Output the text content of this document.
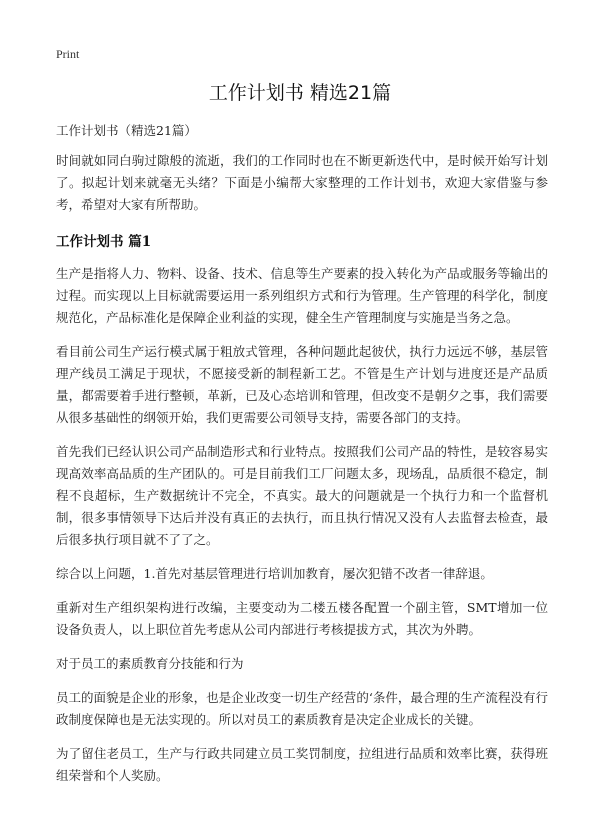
Print
工作计划书 精选21篇

工作计划书（精选21篇）

时间就如同白驹过隙般的流逝，我们的工作同时也在不断更新迭代中，是时候开始写计划了。拟起计划来就毫无头绪？下面是小编帮大家整理的工作计划书，欢迎大家借鉴与参考，希望对大家有所帮助。

工作计划书 篇1

生产是指将人力、物料、设备、技术、信息等生产要素的投入转化为产品或服务等输出的过程。而实现以上目标就需要运用一系列组织方式和行为管理。生产管理的科学化，制度规范化，产品标准化是保障企业利益的实现，健全生产管理制度与实施是当务之急。

看目前公司生产运行模式属于粗放式管理，各种问题此起彼伏，执行力远远不够，基层管理产线员工满足于现状，不愿接受新的制程新工艺。不管是生产计划与进度还是产品质量，都需要着手进行整顿，革新，已及心态培训和管理，但改变不是朝夕之事，我们需要从很多基础性的纲领开始，我们更需要公司领导支持，需要各部门的支持。

首先我们已经认识公司产品制造形式和行业特点。按照我们公司产品的特性，是较容易实现高效率高品质的生产团队的。可是目前我们工厂问题太多，现场乱，品质很不稳定，制程不良超标，生产数据统计不完全，不真实。最大的问题就是一个执行力和一个监督机制，很多事情领导下达后并没有真正的去执行，而且执行情况又没有人去监督去检查，最后很多执行项目就不了了之。

综合以上问题，1.首先对基层管理进行培训加教育，屡次犯错不改者一律辞退。

重新对生产组织架构进行改编，主要变动为二楼五楼各配置一个副主管，SMT增加一位设备负责人，以上职位首先考虑从公司内部进行考核提拔方式，其次为外聘。

对于员工的素质教育分技能和行为

员工的面貌是企业的形象，也是企业改变一切生产经营的‘条件，最合理的生产流程没有行政制度保障也是无法实现的。所以对员工的素质教育是决定企业成长的关键。

为了留住老员工，生产与行政共同建立员工奖罚制度，拉组进行品质和效率比赛，获得班组荣誉和个人奖励。
